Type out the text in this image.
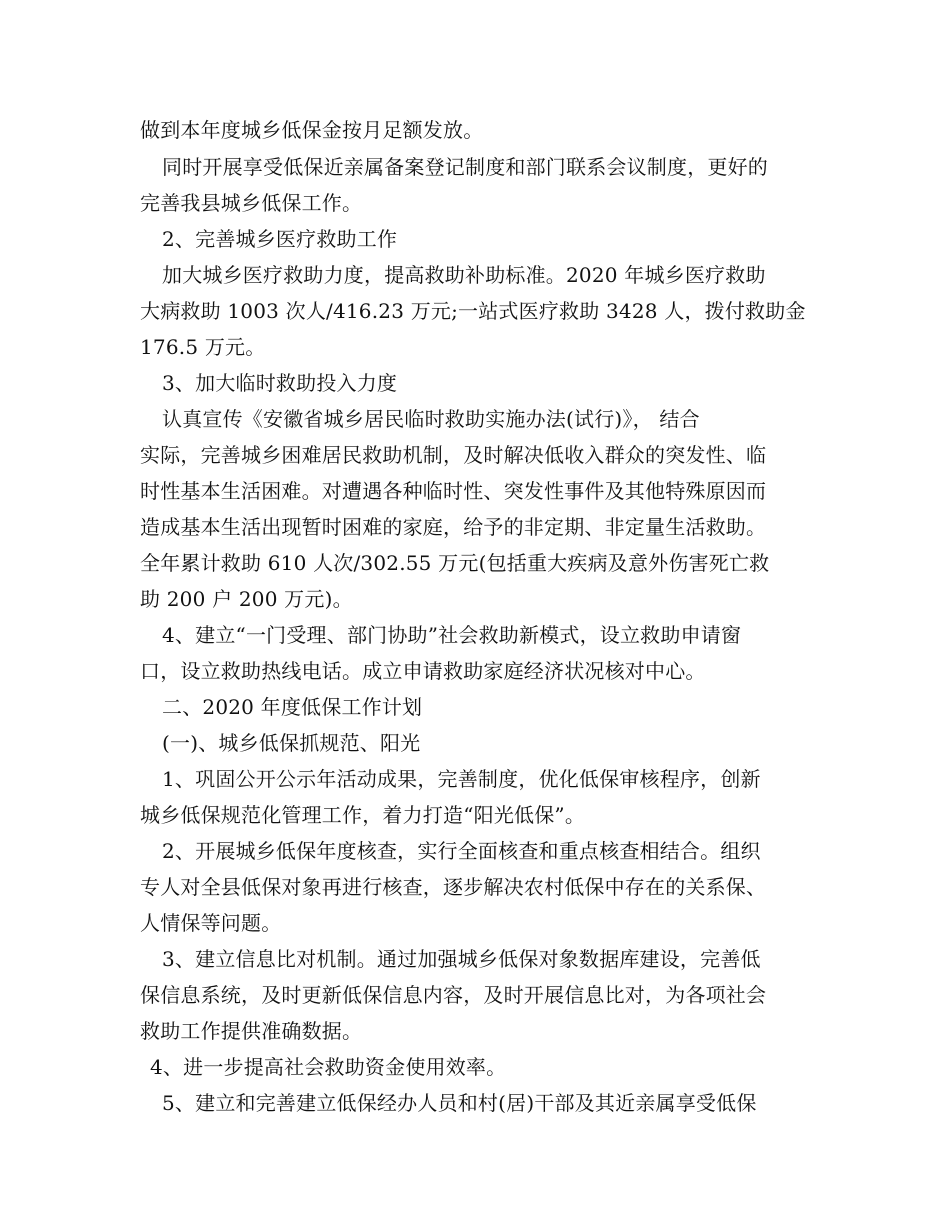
做到本年度城乡低保金按月足额发放。
同时开展享受低保近亲属备案登记制度和部门联系会议制度，更好的
完善我县城乡低保工作。
2、完善城乡医疗救助工作
加大城乡医疗救助力度，提高救助补助标准。2020 年城乡医疗救助
大病救助 1003 次人/416.23 万元;一站式医疗救助 3428 人，拨付救助金
176.5 万元。
3、加大临时救助投入力度
认真宣传《安徽省城乡居民临时救助实施办法(试行)》， 结合
实际，完善城乡困难居民救助机制，及时解决低收入群众的突发性、临
时性基本生活困难。对遭遇各种临时性、突发性事件及其他特殊原因而
造成基本生活出现暂时困难的家庭，给予的非定期、非定量生活救助。
全年累计救助 610 人次/302.55 万元(包括重大疾病及意外伤害死亡救
助 200 户 200 万元)。
4、建立“一门受理、部门协助”社会救助新模式，设立救助申请窗
口，设立救助热线电话。成立申请救助家庭经济状况核对中心。
二、2020 年度低保工作计划
(一)、城乡低保抓规范、阳光
1、巩固公开公示年活动成果，完善制度，优化低保审核程序，创新
城乡低保规范化管理工作，着力打造“阳光低保”。
2、开展城乡低保年度核查，实行全面核查和重点核查相结合。组织
专人对全县低保对象再进行核查，逐步解决农村低保中存在的关系保、
人情保等问题。
3、建立信息比对机制。通过加强城乡低保对象数据库建设，完善低
保信息系统，及时更新低保信息内容，及时开展信息比对，为各项社会
救助工作提供准确数据。
4、进一步提高社会救助资金使用效率。
5、建立和完善建立低保经办人员和村(居)干部及其近亲属享受低保
